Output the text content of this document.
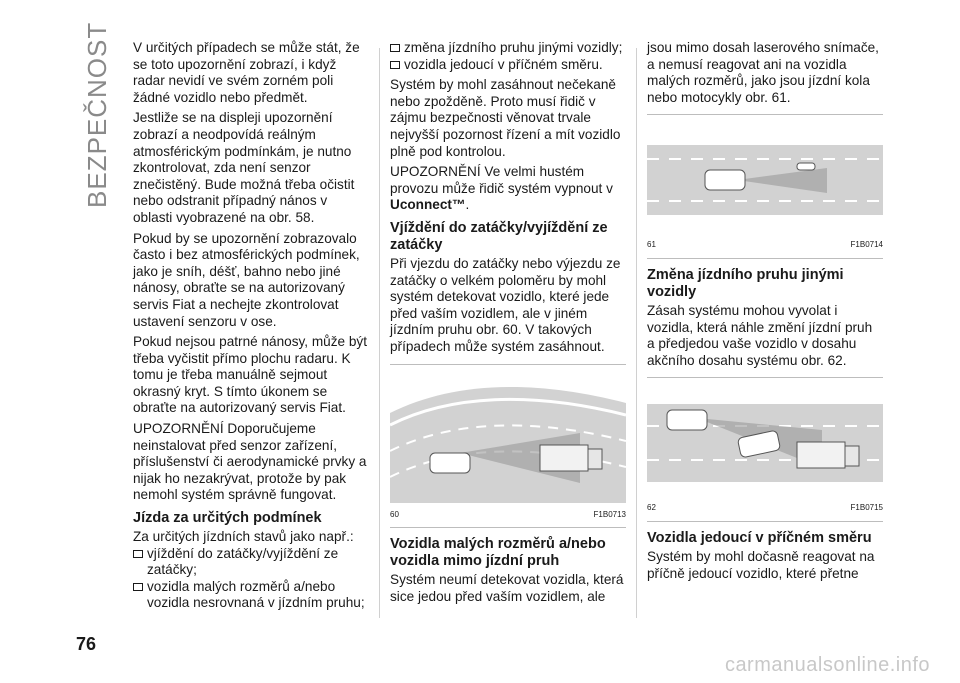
BEZPEČNOST V určitých případech se může stát, že se toto upozornění zobrazí, i když radar nevidí ve svém zorném poli žádné vozidlo nebo předmět.

Jestliže se na displeji upozornění zobrazí a neodpovídá reálným atmosférickým podmínkám, je nutno zkontrolovat, zda není senzor znečistěný. Bude možná třeba očistit nebo odstranit případný nános v oblasti vyobrazené na obr. 58.

Pokud by se upozornění zobrazovalo často i bez atmosférických podmínek, jako je sníh, déšť, bahno nebo jiné nánosy, obraťte se na autorizovaný servis Fiat a nechejte zkontrolovat ustavení senzoru v ose.

Pokud nejsou patrné nánosy, může být třeba vyčistit přímo plochu radaru. K tomu je třeba manuálně sejmout okrasný kryt. S tímto úkonem se obraťte na autorizovaný servis Fiat.

UPOZORNĚNÍ Doporučujeme neinstalovat před senzor zařízení, příslušenství či aerodynamické prvky a nijak ho nezakrývat, protože by pak nemohl systém správně fungovat.

Jízda za určitých podmínek

Za určitých jízdních stavů jako např.:

vjíždění do zatáčky/vyjíždění ze zatáčky;
vozidla malých rozměrů a/nebo vozidla nesrovnaná v jízdním pruhu;
změna jízdního pruhu jinými vozidly;
vozidla jedoucí v příčném směru.

Systém by mohl zasáhnout nečekaně nebo zpožděně. Proto musí řidič v zájmu bezpečnosti věnovat trvale nejvyšší pozornost řízení a mít vozidlo plně pod kontrolou.

UPOZORNĚNÍ Ve velmi hustém provozu může řidič systém vypnout v Uconnect™.

Vjíždění do zatáčky/vyjíždění ze zatáčky

Při vjezdu do zatáčky nebo výjezdu ze zatáčky o velkém poloměru by mohl systém detekovat vozidlo, které jede před vaším vozidlem, ale v jiném jízdním pruhu obr. 60. V takových případech může systém zasáhnout.

60	F1B0713
Vozidla malých rozměrů a/nebo vozidla mimo jízdní pruh

Systém neumí detekovat vozidla, která sice jedou před vaším vozidlem, ale

jsou mimo dosah laserového snímače, a nemusí reagovat ani na vozidla malých rozměrů, jako jsou jízdní kola nebo motocykly obr. 61.

61	F1B0714
Změna jízdního pruhu jinými vozidly

Zásah systému mohou vyvolat i vozidla, která náhle změní jízdní pruh a předjedou vaše vozidlo v dosahu akčního dosahu systému obr. 62.

62	F1B0715
Vozidla jedoucí v příčném směru

Systém by mohl dočasně reagovat na příčně jedoucí vozidlo, které přetne

76
carmanualsonline.info
